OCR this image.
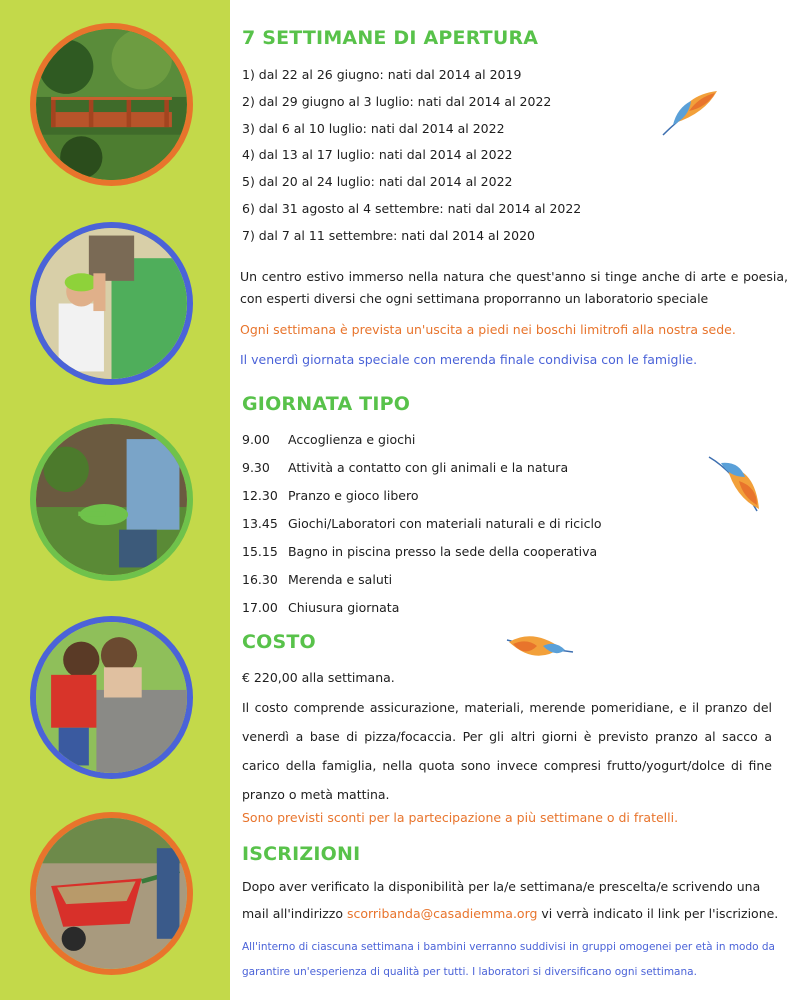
7 SETTIMANE DI APERTURA
1) dal 22 al 26 giugno: nati dal 2014 al 2019
2) dal 29 giugno al 3 luglio: nati dal 2014 al 2022
3) dal 6 al 10 luglio: nati dal 2014 al 2022
4) dal 13 al 17 luglio: nati dal 2014 al 2022
5) dal 20 al 24 luglio: nati dal 2014 al 2022
6) dal 31 agosto al 4 settembre: nati dal 2014 al 2022
7) dal 7 al 11 settembre: nati dal 2014 al 2020

Un centro estivo immerso nella natura che quest'anno si tinge anche di arte e poesia, con esperti diversi che ogni settimana proporranno un laboratorio speciale

Ogni settimana è prevista un'uscita a piedi nei boschi limitrofi alla nostra sede.

Il venerdì giornata speciale con merenda finale condivisa con le famiglie.

GIORNATA TIPO
9.00 Accoglienza e giochi
9.30 Attività a contatto con gli animali e la natura
12.30 Pranzo e gioco libero
13.45 Giochi/Laboratori con materiali naturali e di riciclo
15.15 Bagno in piscina presso la sede della cooperativa
16.30 Merenda e saluti
17.00 Chiusura giornata
COSTO

€ 220,00 alla settimana.

Il costo comprende assicurazione, materiali, merende pomeridiane, e il pranzo del venerdì a base di pizza/focaccia. Per gli altri giorni è previsto pranzo al sacco a carico della famiglia, nella quota sono invece compresi frutto/yogurt/dolce di fine pranzo o metà mattina.

Sono previsti sconti per la partecipazione a più settimane o di fratelli.

ISCRIZIONI

Dopo aver verificato la disponibilità per la/e settimana/e prescelta/e scrivendo una mail all'indirizzo scorribanda@casadiemma.org vi verrà indicato il link per l'iscrizione.

All'interno di ciascuna settimana i bambini verranno suddivisi in gruppi omogenei per età in modo da garantire un'esperienza di qualità per tutti. I laboratori si diversificano ogni settimana.
